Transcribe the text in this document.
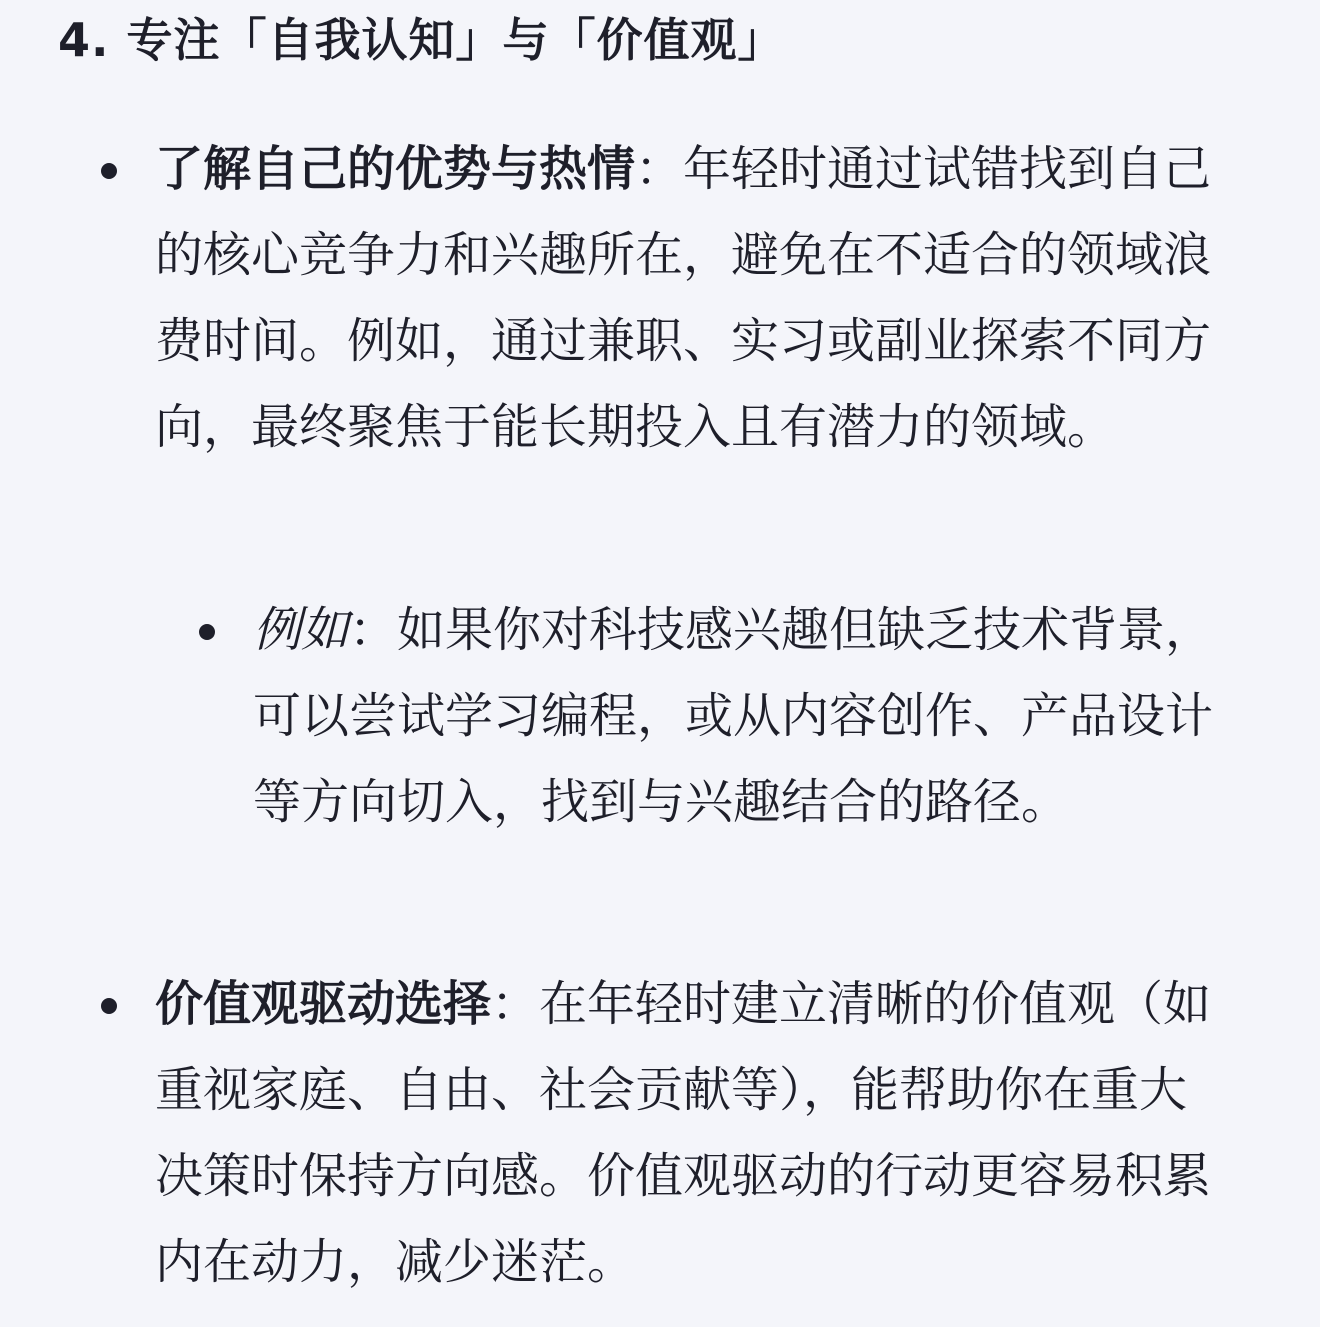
4. 专注「自我认知」与「价值观」

了解自己的优势与热情：年轻时通过试错找到自己的核心竞争力和兴趣所在，避免在不适合的领域浪费时间。例如，通过兼职、实习或副业探索不同方向，最终聚焦于能长期投入且有潜力的领域。

例如：如果你对科技感兴趣但缺乏技术背景，可以尝试学习编程，或从内容创作、产品设计等方向切入，找到与兴趣结合的路径。

价值观驱动选择：在年轻时建立清晰的价值观（如重视家庭、自由、社会贡献等），能帮助你在重大决策时保持方向感。价值观驱动的行动更容易积累内在动力，减少迷茫。
